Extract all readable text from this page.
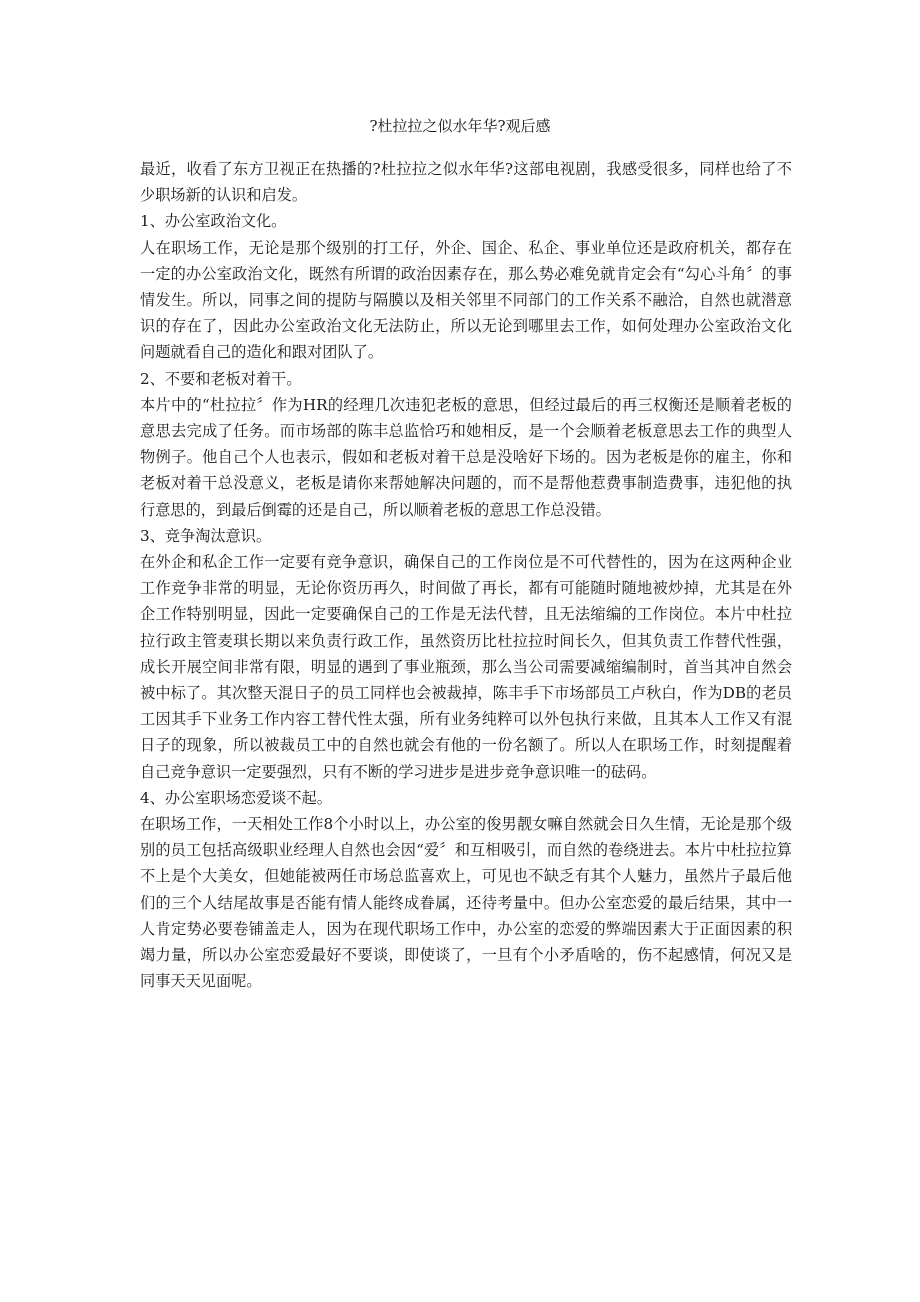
?杜拉拉之似水年华?观后感

最近，收看了东方卫视正在热播的?杜拉拉之似水年华?这部电视剧，我感受很多，同样也给了不少职场新的认识和启发。

1、办公室政治文化。

人在职场工作，无论是那个级别的打工仔，外企、国企、私企、事业单位还是政府机关，都存在一定的办公室政治文化，既然有所谓的政治因素存在，那么势必难免就肯定会有“勾心斗角〞的事情发生。所以，同事之间的提防与隔膜以及相关邻里不同部门的工作关系不融洽，自然也就潜意识的存在了，因此办公室政治文化无法防止，所以无论到哪里去工作，如何处理办公室政治文化问题就看自己的造化和跟对团队了。

2、不要和老板对着干。

本片中的“杜拉拉〞作为HR的经理几次违犯老板的意思，但经过最后的再三权衡还是顺着老板的意思去完成了任务。而市场部的陈丰总监恰巧和她相反，是一个会顺着老板意思去工作的典型人物例子。他自己个人也表示，假如和老板对着干总是没啥好下场的。因为老板是你的雇主，你和老板对着干总没意义，老板是请你来帮她解决问题的，而不是帮他惹费事制造费事，违犯他的执行意思的，到最后倒霉的还是自己，所以顺着老板的意思工作总没错。

3、竞争淘汰意识。

在外企和私企工作一定要有竞争意识，确保自己的工作岗位是不可代替性的，因为在这两种企业工作竞争非常的明显，无论你资历再久，时间做了再长，都有可能随时随地被炒掉，尤其是在外企工作特别明显，因此一定要确保自己的工作是无法代替，且无法缩编的工作岗位。本片中杜拉拉行政主管麦琪长期以来负责行政工作，虽然资历比杜拉拉时间长久，但其负责工作替代性强，成长开展空间非常有限，明显的遇到了事业瓶颈，那么当公司需要减缩编制时，首当其冲自然会被中标了。其次整天混日子的员工同样也会被裁掉，陈丰手下市场部员工卢秋白，作为DB的老员工因其手下业务工作内容工替代性太强，所有业务纯粹可以外包执行来做，且其本人工作又有混日子的现象，所以被裁员工中的自然也就会有他的一份名额了。所以人在职场工作，时刻提醒着自己竞争意识一定要强烈，只有不断的学习进步是进步竞争意识唯一的砝码。

4、办公室职场恋爱谈不起。

在职场工作，一天相处工作8个小时以上，办公室的俊男靓女嘛自然就会日久生情，无论是那个级别的员工包括高级职业经理人自然也会因“爱〞和互相吸引，而自然的卷绕进去。本片中杜拉拉算不上是个大美女，但她能被两任市场总监喜欢上，可见也不缺乏有其个人魅力，虽然片子最后他们的三个人结尾故事是否能有情人能终成眷属，还待考量中。但办公室恋爱的最后结果，其中一人肯定势必要卷铺盖走人，因为在现代职场工作中，办公室的恋爱的弊端因素大于正面因素的积竭力量，所以办公室恋爱最好不要谈，即使谈了，一旦有个小矛盾啥的，伤不起感情，何况又是同事天天见面呢。
